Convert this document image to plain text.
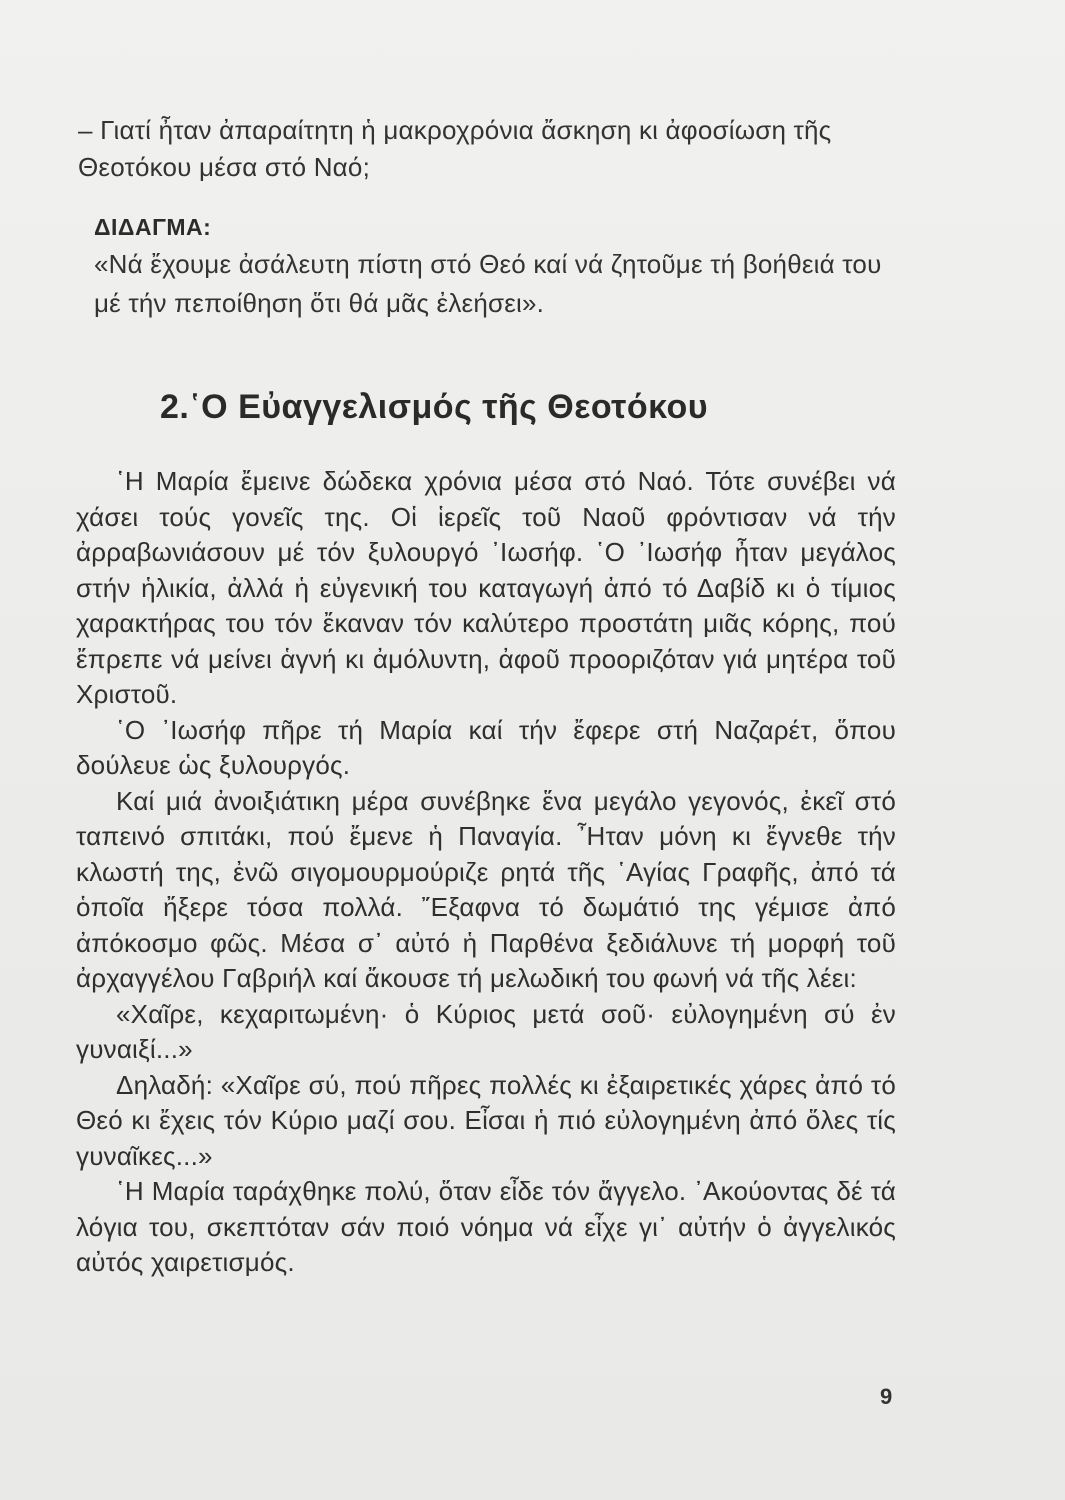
– Γιατί ἦταν ἀπαραίτητη ἡ μακροχρόνια ἄσκηση κι ἀφοσίωση τῆς Θεοτόκου μέσα στό Ναό;

ΔΙΔΑΓΜΑ:
«Νά ἔχουμε ἀσάλευτη πίστη στό Θεό καί νά ζητοῦμε τή βοήθειά του μέ τήν πεποίθηση ὅτι θά μᾶς ἐλεήσει».
2.῾Ο Εὐαγγελισμός τῆς Θεοτόκου

῾Η Μαρία ἔμεινε δώδεκα χρόνια μέσα στό Ναό. Τότε συνέβει νά χάσει τούς γονεῖς της. Οἱ ἱερεῖς τοῦ Ναοῦ φρόντισαν νά τήν ἀρραβωνιάσουν μέ τόν ξυλουργό ᾽Ιωσήφ. ῾Ο ᾽Ιωσήφ ἦταν μεγάλος στήν ἡλικία, ἀλλά ἡ εὐγενική του καταγωγή ἀπό τό Δαβίδ κι ὁ τίμιος χαρακτήρας του τόν ἔκαναν τόν καλύτερο προστάτη μιᾶς κόρης, πού ἔπρεπε νά μείνει ἁγνή κι ἀμόλυντη, ἀφοῦ προοριζόταν γιά μητέρα τοῦ Χριστοῦ.

῾Ο ᾽Ιωσήφ πῆρε τή Μαρία καί τήν ἔφερε στή Ναζαρέτ, ὅπου δούλευε ὡς ξυλουργός.

Καί μιά ἀνοιξιάτικη μέρα συνέβηκε ἕνα μεγάλο γεγονός, ἐκεῖ στό ταπεινό σπιτάκι, πού ἔμενε ἡ Παναγία. ῏Ηταν μόνη κι ἔγνεθε τήν κλωστή της, ἐνῶ σιγομουρμούριζε ρητά τῆς ῾Αγίας Γραφῆς, ἀπό τά ὁποῖα ἤξερε τόσα πολλά. ῎Εξαφνα τό δωμάτιό της γέμισε ἀπό ἀπόκοσμο φῶς. Μέσα σ᾽ αὐτό ἡ Παρθένα ξεδιάλυνε τή μορφή τοῦ ἀρχαγγέλου Γαβριήλ καί ἄκουσε τή μελωδική του φωνή νά τῆς λέει:

«Χαῖρε, κεχαριτωμένη· ὁ Κύριος μετά σοῦ· εὐλογημένη σύ ἐν γυναιξί...»

Δηλαδή: «Χαῖρε σύ, πού πῆρες πολλές κι ἐξαιρετικές χάρες ἀπό τό Θεό κι ἔχεις τόν Κύριο μαζί σου. Εἶσαι ἡ πιό εὐλογημένη ἀπό ὅλες τίς γυναῖκες...»

῾Η Μαρία ταράχθηκε πολύ, ὅταν εἶδε τόν ἄγγελο. ᾽Ακούοντας δέ τά λόγια του, σκεπτόταν σάν ποιό νόημα νά εἶχε γι᾽ αὐτήν ὁ ἀγγελικός αὐτός χαιρετισμός.

9
